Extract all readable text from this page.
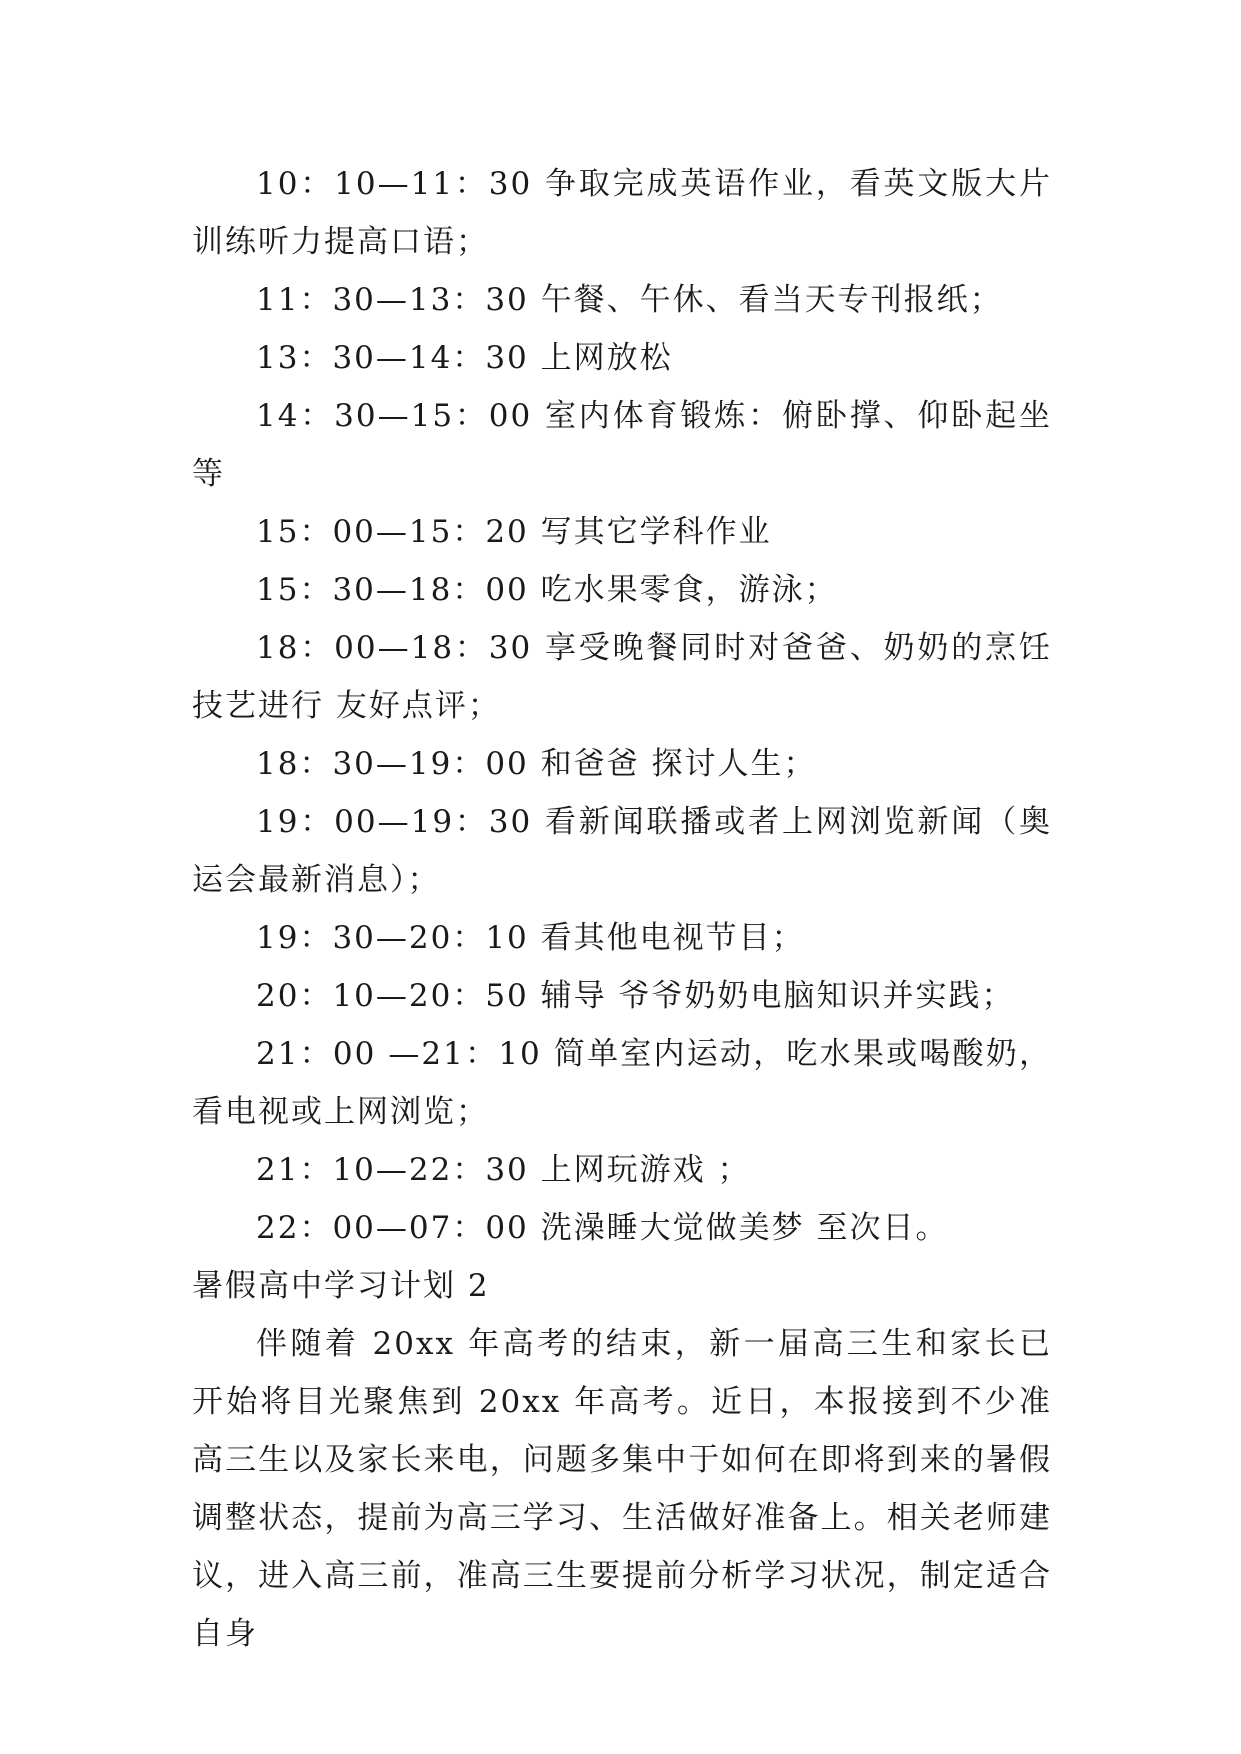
10：10—11：30 争取完成英语作业，看英文版大片训练听力提高口语；

11：30—13：30 午餐、午休、看当天专刊报纸；

13：30—14：30 上网放松

14：30—15：00 室内体育锻炼：俯卧撑、仰卧起坐等

15：00—15：20 写其它学科作业

15：30—18：00 吃水果零食，游泳；

18：00—18：30 享受晚餐同时对爸爸、奶奶的烹饪技艺进行 友好点评；

18：30—19：00 和爸爸 探讨人生；

19：00—19：30 看新闻联播或者上网浏览新闻（奥运会最新消息）；

19：30—20：10 看其他电视节目；

20：10—20：50 辅导 爷爷奶奶电脑知识并实践；

21：00 —21：10 简单室内运动，吃水果或喝酸奶，看电视或上网浏览；

21：10—22：30 上网玩游戏 ；

22：00—07：00 洗澡睡大觉做美梦 至次日。

暑假高中学习计划 2

伴随着 20xx 年高考的结束，新一届高三生和家长已开始将目光聚焦到 20xx 年高考。近日，本报接到不少准高三生以及家长来电，问题多集中于如何在即将到来的暑假调整状态，提前为高三学习、生活做好准备上。相关老师建议，进入高三前，准高三生要提前分析学习状况，制定适合自身
